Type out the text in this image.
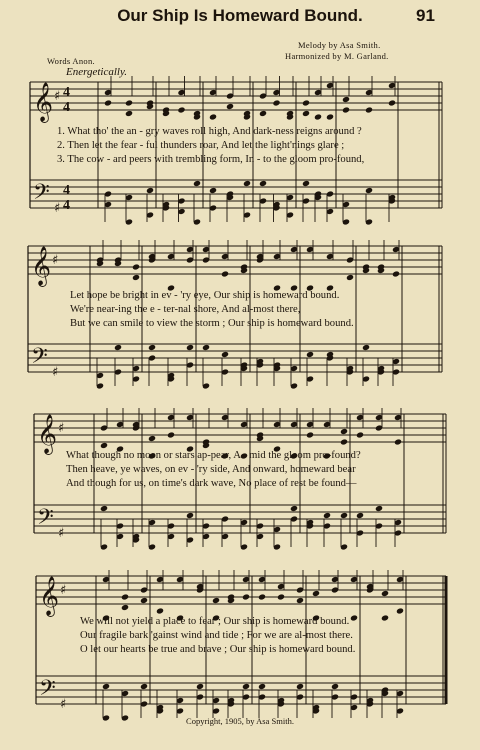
Our Ship Is Homeward Bound.	91
Melody by Asa Smith.
Harmonized by M. Garland.
Words Anon.
Energetically.
𝄞 ♯ 4
4
𝄢 ♯
4
4
𝄞 ♯
𝄢 ♯
𝄞 ♯
𝄢 ♯
𝄞 ♯
𝄢 ♯
1. What tho' the an - gry waves roll high, And dark-ness reigns around ?
2. Then let the fear - ful thunders roar, And let the light'nings glare ;
3. The cow - ard peers with trembling form, In - to the gloom pro-found,
Let hope be bright in ev - 'ry eye, Our ship is homeward bound.
We're near-ing the e - ter-nal shore, And al-most there,
But we can smile to view the storm ; Our ship is homeward bound.
What though no moon or stars ap-pear, A - mid the gloom pro-found?
Then heave, ye waves, on ev - 'ry side, And onward, homeward bear
And though for us, on time's dark wave, No place of rest be found—
We will not yield a place to fear ; Our ship is homeward bound.
Our fragile bark 'gainst wind and tide ; For we are al-most there.
O let our hearts be true and brave ; Our ship is homeward bound.
Copyright, 1905, by Asa Smith.
